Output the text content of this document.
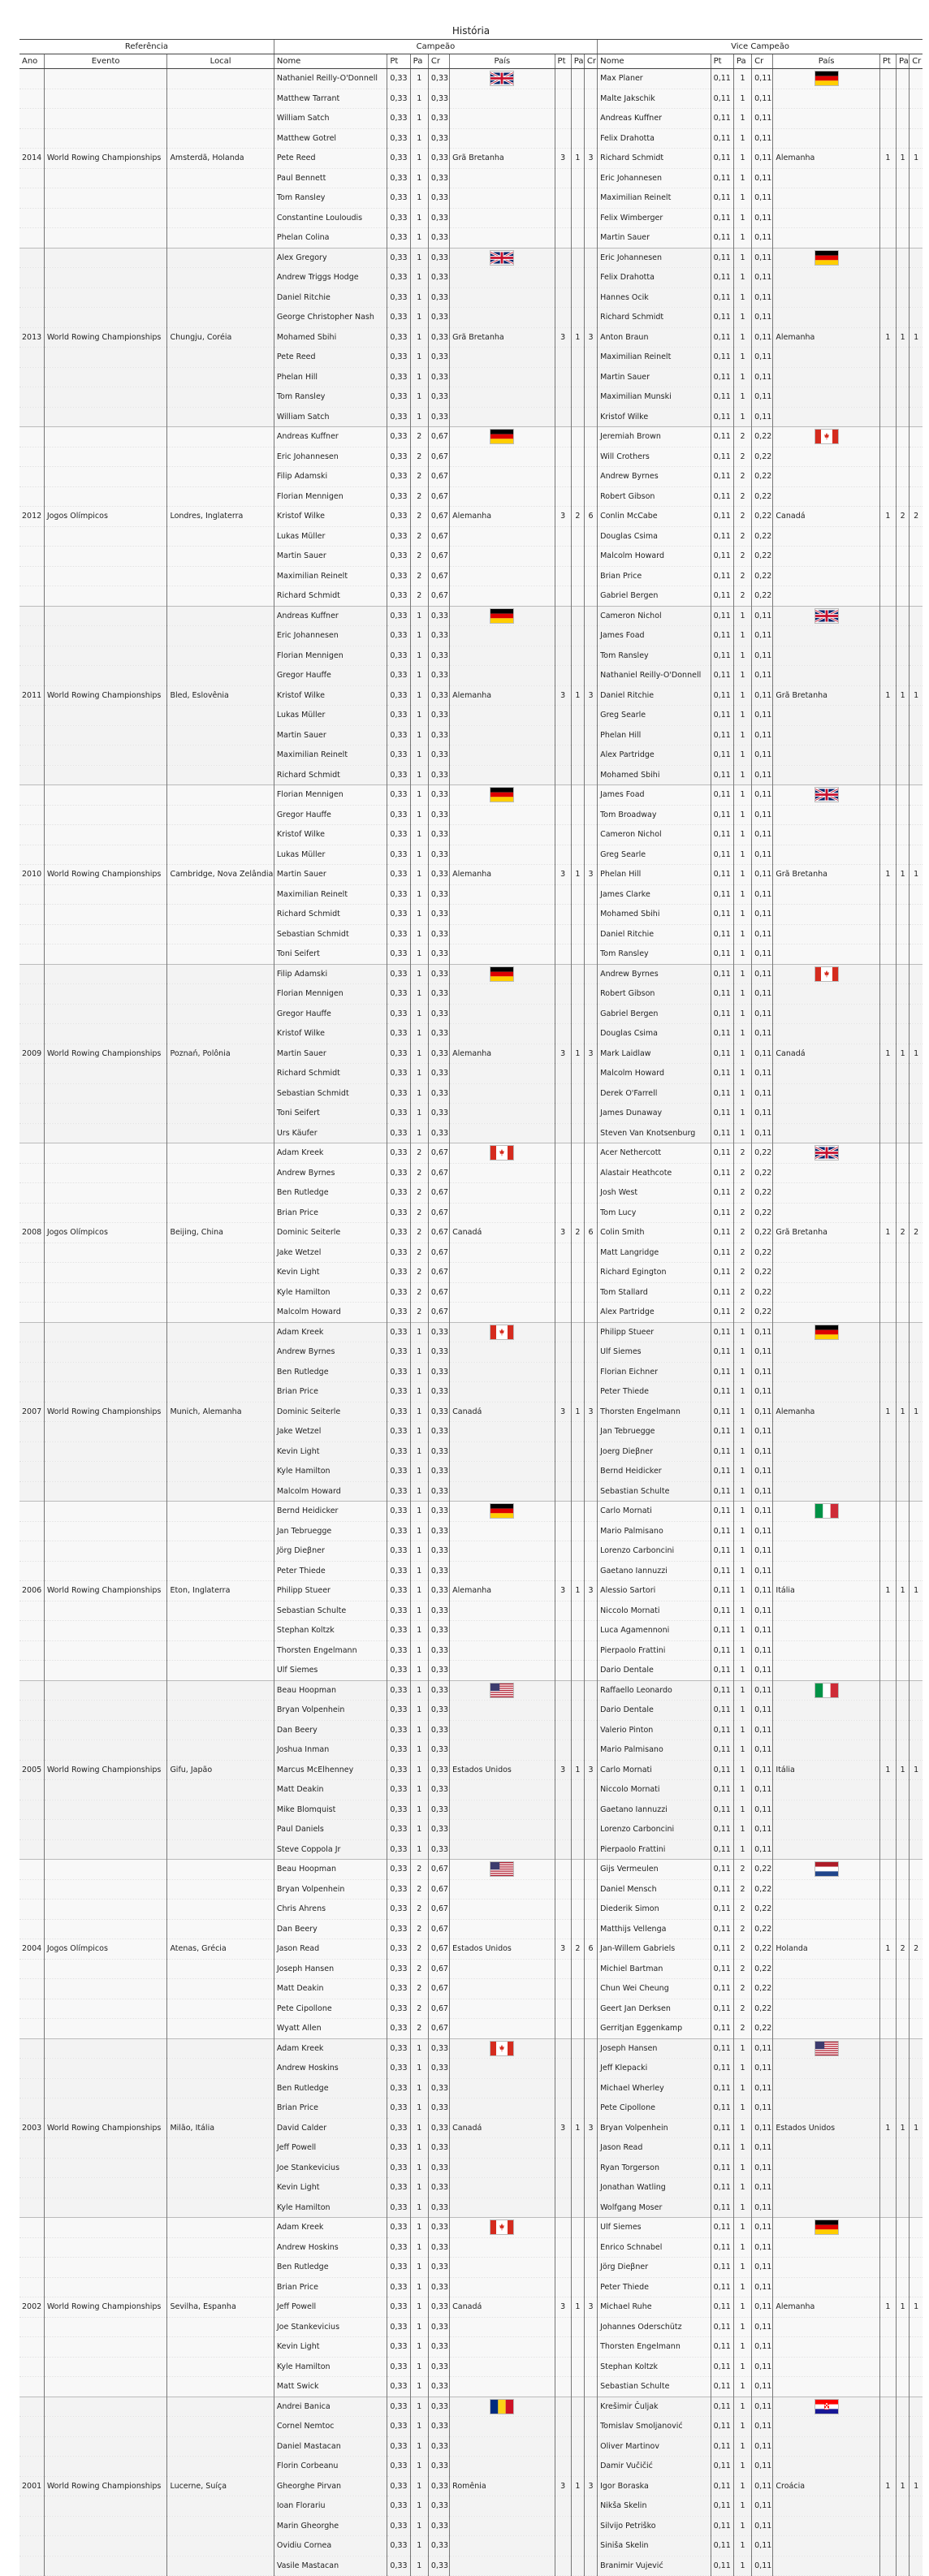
História																		
Referência			Campeão								Vice Campeão							
Ano	Evento	Local	Nome	Pt	Pa	Cr	País	Pt	Pa	Cr	Nome	Pt	Pa	Cr	País	Pt	Pa	Cr
			Nathaniel Reilly-O'Donnell	0,33	1	0,33					Max Planer	0,11	1	0,11	

			Matthew Tarrant	0,33	1	0,33					Malte Jakschik	0,11	1	0,11				
			William Satch	0,33	1	0,33					Andreas Kuffner	0,11	1	0,11				
			Matthew Gotrel	0,33	1	0,33					Felix Drahotta	0,11	1	0,11				
2014	World Rowing Championships	Amsterdã, Holanda	Pete Reed	0,33	1	0,33	Grã Bretanha	3	1	3	Richard Schmidt	0,11	1	0,11	Alemanha	1	1	1
			Paul Bennett	0,33	1	0,33					Eric Johannesen	0,11	1	0,11				
			Tom Ransley	0,33	1	0,33					Maximilian Reinelt	0,11	1	0,11				
			Constantine Louloudis	0,33	1	0,33					Felix Wimberger	0,11	1	0,11				
			Phelan Colina	0,33	1	0,33					Martin Sauer	0,11	1	0,11				
			Alex Gregory	0,33	1	0,33					Eric Johannesen	0,11	1	0,11	

			Andrew Triggs Hodge	0,33	1	0,33					Felix Drahotta	0,11	1	0,11				
			Daniel Ritchie	0,33	1	0,33					Hannes Ocik	0,11	1	0,11				
			George Christopher Nash	0,33	1	0,33					Richard Schmidt	0,11	1	0,11				
2013	World Rowing Championships	Chungju, Coréia	Mohamed Sbihi	0,33	1	0,33	Grã Bretanha	3	1	3	Anton Braun	0,11	1	0,11	Alemanha	1	1	1
			Pete Reed	0,33	1	0,33					Maximilian Reinelt	0,11	1	0,11				
			Phelan Hill	0,33	1	0,33					Martin Sauer	0,11	1	0,11				
			Tom Ransley	0,33	1	0,33					Maximilian Munski	0,11	1	0,11				
			William Satch	0,33	1	0,33					Kristof Wilke	0,11	1	0,11				
			Andreas Kuffner	0,33	2	0,67					Jeremiah Brown	0,11	2	0,22	

			Eric Johannesen	0,33	2	0,67					Will Crothers	0,11	2	0,22				
			Filip Adamski	0,33	2	0,67					Andrew Byrnes	0,11	2	0,22				
			Florian Mennigen	0,33	2	0,67					Robert Gibson	0,11	2	0,22				
2012	Jogos Olímpicos	Londres, Inglaterra	Kristof Wilke	0,33	2	0,67	Alemanha	3	2	6	Conlin McCabe	0,11	2	0,22	Canadá	1	2	2
			Lukas Müller	0,33	2	0,67					Douglas Csima	0,11	2	0,22				
			Martin Sauer	0,33	2	0,67					Malcolm Howard	0,11	2	0,22				
			Maximilian Reinelt	0,33	2	0,67					Brian Price	0,11	2	0,22				
			Richard Schmidt	0,33	2	0,67					Gabriel Bergen	0,11	2	0,22				
			Andreas Kuffner	0,33	1	0,33					Cameron Nichol	0,11	1	0,11	

			Eric Johannesen	0,33	1	0,33					James Foad	0,11	1	0,11				
			Florian Mennigen	0,33	1	0,33					Tom Ransley	0,11	1	0,11				
			Gregor Hauffe	0,33	1	0,33					Nathaniel Reilly-O'Donnell	0,11	1	0,11				
2011	World Rowing Championships	Bled, Eslovênia	Kristof Wilke	0,33	1	0,33	Alemanha	3	1	3	Daniel Ritchie	0,11	1	0,11	Grã Bretanha	1	1	1
			Lukas Müller	0,33	1	0,33					Greg Searle	0,11	1	0,11				
			Martin Sauer	0,33	1	0,33					Phelan Hill	0,11	1	0,11				
			Maximilian Reinelt	0,33	1	0,33					Alex Partridge	0,11	1	0,11				
			Richard Schmidt	0,33	1	0,33					Mohamed Sbihi	0,11	1	0,11				
			Florian Mennigen	0,33	1	0,33					James Foad	0,11	1	0,11	

			Gregor Hauffe	0,33	1	0,33					Tom Broadway	0,11	1	0,11				
			Kristof Wilke	0,33	1	0,33					Cameron Nichol	0,11	1	0,11				
			Lukas Müller	0,33	1	0,33					Greg Searle	0,11	1	0,11				
2010	World Rowing Championships	Cambridge, Nova Zelândia	Martin Sauer	0,33	1	0,33	Alemanha	3	1	3	Phelan Hill	0,11	1	0,11	Grã Bretanha	1	1	1
			Maximilian Reinelt	0,33	1	0,33					James Clarke	0,11	1	0,11				
			Richard Schmidt	0,33	1	0,33					Mohamed Sbihi	0,11	1	0,11				
			Sebastian Schmidt	0,33	1	0,33					Daniel Ritchie	0,11	1	0,11				
			Toni Seifert	0,33	1	0,33					Tom Ransley	0,11	1	0,11				
			Filip Adamski	0,33	1	0,33					Andrew Byrnes	0,11	1	0,11	

			Florian Mennigen	0,33	1	0,33					Robert Gibson	0,11	1	0,11				
			Gregor Hauffe	0,33	1	0,33					Gabriel Bergen	0,11	1	0,11				
			Kristof Wilke	0,33	1	0,33					Douglas Csima	0,11	1	0,11				
2009	World Rowing Championships	Poznań, Polônia	Martin Sauer	0,33	1	0,33	Alemanha	3	1	3	Mark Laidlaw	0,11	1	0,11	Canadá	1	1	1
			Richard Schmidt	0,33	1	0,33					Malcolm Howard	0,11	1	0,11				
			Sebastian Schmidt	0,33	1	0,33					Derek O'Farrell	0,11	1	0,11				
			Toni Seifert	0,33	1	0,33					James Dunaway	0,11	1	0,11				
			Urs Käufer	0,33	1	0,33					Steven Van Knotsenburg	0,11	1	0,11				
			Adam Kreek	0,33	2	0,67					Acer Nethercott	0,11	2	0,22	

			Andrew Byrnes	0,33	2	0,67					Alastair Heathcote	0,11	2	0,22				
			Ben Rutledge	0,33	2	0,67					Josh West	0,11	2	0,22				
			Brian Price	0,33	2	0,67					Tom Lucy	0,11	2	0,22				
2008	Jogos Olímpicos	Beijing, China	Dominic Seiterle	0,33	2	0,67	Canadá	3	2	6	Colin Smith	0,11	2	0,22	Grã Bretanha	1	2	2
			Jake Wetzel	0,33	2	0,67					Matt Langridge	0,11	2	0,22				
			Kevin Light	0,33	2	0,67					Richard Egington	0,11	2	0,22				
			Kyle Hamilton	0,33	2	0,67					Tom Stallard	0,11	2	0,22				
			Malcolm Howard	0,33	2	0,67					Alex Partridge	0,11	2	0,22				
			Adam Kreek	0,33	1	0,33					Philipp Stueer	0,11	1	0,11	

			Andrew Byrnes	0,33	1	0,33					Ulf Siemes	0,11	1	0,11				
			Ben Rutledge	0,33	1	0,33					Florian Eichner	0,11	1	0,11				
			Brian Price	0,33	1	0,33					Peter Thiede	0,11	1	0,11				
2007	World Rowing Championships	Munich, Alemanha	Dominic Seiterle	0,33	1	0,33	Canadá	3	1	3	Thorsten Engelmann	0,11	1	0,11	Alemanha	1	1	1
			Jake Wetzel	0,33	1	0,33					Jan Tebruegge	0,11	1	0,11				
			Kevin Light	0,33	1	0,33					Joerg Dieβner	0,11	1	0,11				
			Kyle Hamilton	0,33	1	0,33					Bernd Heidicker	0,11	1	0,11				
			Malcolm Howard	0,33	1	0,33					Sebastian Schulte	0,11	1	0,11				
			Bernd Heidicker	0,33	1	0,33					Carlo Mornati	0,11	1	0,11	

			Jan Tebruegge	0,33	1	0,33					Mario Palmisano	0,11	1	0,11				
			Jörg Dieβner	0,33	1	0,33					Lorenzo Carboncini	0,11	1	0,11				
			Peter Thiede	0,33	1	0,33					Gaetano Iannuzzi	0,11	1	0,11				
2006	World Rowing Championships	Eton, Inglaterra	Philipp Stueer	0,33	1	0,33	Alemanha	3	1	3	Alessio Sartori	0,11	1	0,11	Itália	1	1	1
			Sebastian Schulte	0,33	1	0,33					Niccolo Mornati	0,11	1	0,11				
			Stephan Koltzk	0,33	1	0,33					Luca Agamennoni	0,11	1	0,11				
			Thorsten Engelmann	0,33	1	0,33					Pierpaolo Frattini	0,11	1	0,11				
			Ulf Siemes	0,33	1	0,33					Dario Dentale	0,11	1	0,11				
			Beau Hoopman	0,33	1	0,33					Raffaello Leonardo	0,11	1	0,11	

			Bryan Volpenhein	0,33	1	0,33					Dario Dentale	0,11	1	0,11				
			Dan Beery	0,33	1	0,33					Valerio Pinton	0,11	1	0,11				
			Joshua Inman	0,33	1	0,33					Mario Palmisano	0,11	1	0,11				
2005	World Rowing Championships	Gifu, Japão	Marcus McElhenney	0,33	1	0,33	Estados Unidos	3	1	3	Carlo Mornati	0,11	1	0,11	Itália	1	1	1
			Matt Deakin	0,33	1	0,33					Niccolo Mornati	0,11	1	0,11				
			Mike Blomquist	0,33	1	0,33					Gaetano Iannuzzi	0,11	1	0,11				
			Paul Daniels	0,33	1	0,33					Lorenzo Carboncini	0,11	1	0,11				
			Steve Coppola Jr	0,33	1	0,33					Pierpaolo Frattini	0,11	1	0,11				
			Beau Hoopman	0,33	2	0,67					Gijs Vermeulen	0,11	2	0,22	

			Bryan Volpenhein	0,33	2	0,67					Daniel Mensch	0,11	2	0,22				
			Chris Ahrens	0,33	2	0,67					Diederik Simon	0,11	2	0,22				
			Dan Beery	0,33	2	0,67					Matthijs Vellenga	0,11	2	0,22				
2004	Jogos Olímpicos	Atenas, Grécia	Jason Read	0,33	2	0,67	Estados Unidos	3	2	6	Jan-Willem Gabriels	0,11	2	0,22	Holanda	1	2	2
			Joseph Hansen	0,33	2	0,67					Michiel Bartman	0,11	2	0,22				
			Matt Deakin	0,33	2	0,67					Chun Wei Cheung	0,11	2	0,22				
			Pete Cipollone	0,33	2	0,67					Geert Jan Derksen	0,11	2	0,22				
			Wyatt Allen	0,33	2	0,67					Gerritjan Eggenkamp	0,11	2	0,22				
			Adam Kreek	0,33	1	0,33					Joseph Hansen	0,11	1	0,11	

			Andrew Hoskins	0,33	1	0,33					Jeff Klepacki	0,11	1	0,11				
			Ben Rutledge	0,33	1	0,33					Michael Wherley	0,11	1	0,11				
			Brian Price	0,33	1	0,33					Pete Cipollone	0,11	1	0,11				
2003	World Rowing Championships	Milão, Itália	David Calder	0,33	1	0,33	Canadá	3	1	3	Bryan Volpenhein	0,11	1	0,11	Estados Unidos	1	1	1
			Jeff Powell	0,33	1	0,33					Jason Read	0,11	1	0,11				
			Joe Stankevicius	0,33	1	0,33					Ryan Torgerson	0,11	1	0,11				
			Kevin Light	0,33	1	0,33					Jonathan Watling	0,11	1	0,11				
			Kyle Hamilton	0,33	1	0,33					Wolfgang Moser	0,11	1	0,11				
			Adam Kreek	0,33	1	0,33					Ulf Siemes	0,11	1	0,11	

			Andrew Hoskins	0,33	1	0,33					Enrico Schnabel	0,11	1	0,11				
			Ben Rutledge	0,33	1	0,33					Jörg Dieβner	0,11	1	0,11				
			Brian Price	0,33	1	0,33					Peter Thiede	0,11	1	0,11				
2002	World Rowing Championships	Sevilha, Espanha	Jeff Powell	0,33	1	0,33	Canadá	3	1	3	Michael Ruhe	0,11	1	0,11	Alemanha	1	1	1
			Joe Stankevicius	0,33	1	0,33					Johannes Oderschütz	0,11	1	0,11				
			Kevin Light	0,33	1	0,33					Thorsten Engelmann	0,11	1	0,11				
			Kyle Hamilton	0,33	1	0,33					Stephan Koltzk	0,11	1	0,11				
			Matt Swick	0,33	1	0,33					Sebastian Schulte	0,11	1	0,11				
			Andrei Banica	0,33	1	0,33					Krešimir Čuljak	0,11	1	0,11	

			Cornel Nemtoc	0,33	1	0,33					Tomislav Smoljanović	0,11	1	0,11				
			Daniel Mastacan	0,33	1	0,33					Oliver Martinov	0,11	1	0,11				
			Florin Corbeanu	0,33	1	0,33					Damir Vučičić	0,11	1	0,11				
2001	World Rowing Championships	Lucerne, Suíça	Gheorghe Pirvan	0,33	1	0,33	Romênia	3	1	3	Igor Boraska	0,11	1	0,11	Croácia	1	1	1
			Ioan Florariu	0,33	1	0,33					Nikša Skelin	0,11	1	0,11				
			Marin Gheorghe	0,33	1	0,33					Silvijo Petriško	0,11	1	0,11				
			Ovidiu Cornea	0,33	1	0,33					Siniša Skelin	0,11	1	0,11				
			Vasile Mastacan	0,33	1	0,33					Branimir Vujević	0,11	1	0,11				
